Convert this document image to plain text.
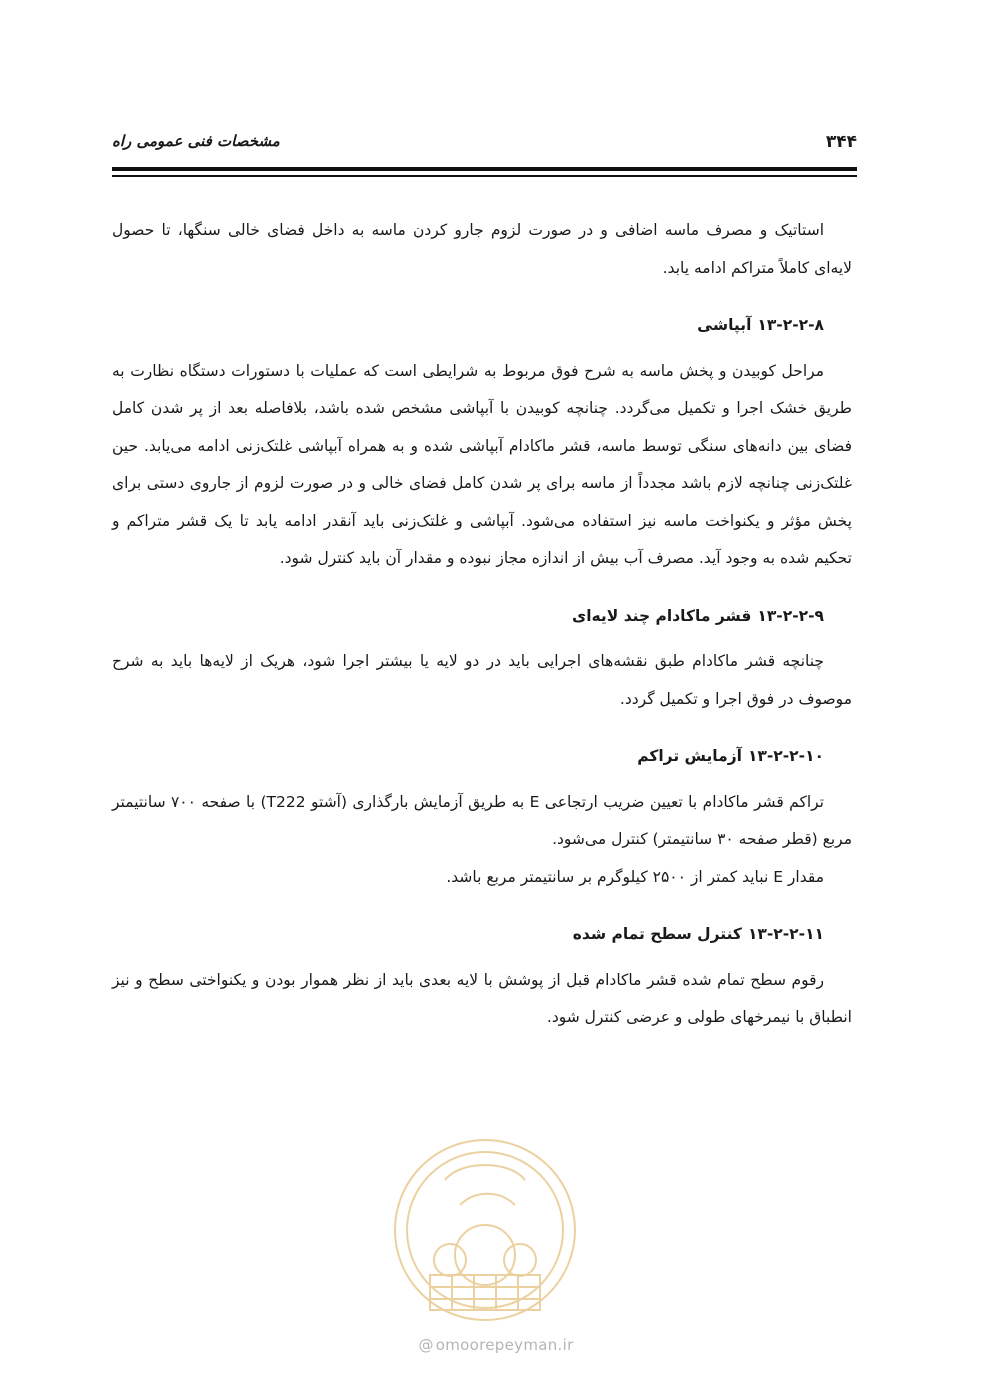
۳۴۴
مشخصات فنی عمومی راه

استاتیک و مصرف ماسه اضافی و در صورت لزوم جارو کردن ماسه به داخل فضای خالی سنگها، تا حصول لایه‌ای کاملاً متراکم ادامه یابد.

۱۳-۲-۲-۸آبپاشی

مراحل کوبیدن و پخش ماسه به شرح فوق مربوط به شرایطی است که عملیات با دستورات دستگاه نظارت به طریق خشک اجرا و تکمیل می‌گردد. چنانچه کوبیدن با آبپاشی مشخص شده باشد، بلافاصله بعد از پر شدن کامل فضای بین دانه‌های سنگی توسط ماسه، قشر ماکادام آبپاشی شده و به همراه آبپاشی غلتک‌زنی ادامه می‌یابد. حین غلتک‌زنی چنانچه لازم باشد مجدداً از ماسه برای پر شدن کامل فضای خالی و در صورت لزوم از جاروی دستی برای پخش مؤثر و یکنواخت ماسه نیز استفاده می‌شود. آبپاشی و غلتک‌زنی باید آنقدر ادامه یابد تا یک قشر متراکم و تحکیم شده به وجود آید. مصرف آب بیش از اندازه مجاز نبوده و مقدار آن باید کنترل شود.

۱۳-۲-۲-۹قشر ماکادام چند لایه‌ای

چنانچه قشر ماکادام طبق نقشه‌های اجرایی باید در دو لایه یا بیشتر اجرا شود، هریک از لایه‌ها باید به شرح موصوف در فوق اجرا و تکمیل گردد.

۱۳-۲-۲-۱۰آزمایش تراکم

تراکم قشر ماکادام با تعیین ضریب ارتجاعی E به طریق آزمایش بارگذاری (آشتو T222) با صفحه ۷۰۰ سانتیمتر مربع (قطر صفحه ۳۰ سانتیمتر) کنترل می‌شود.

مقدار E نباید کمتر از ۲۵۰۰ کیلوگرم بر سانتیمتر مربع باشد.

۱۳-۲-۲-۱۱کنترل سطح تمام شده

رقوم سطح تمام شده قشر ماکادام قبل از پوشش با لایه بعدی باید از نظر هموار بودن و یکنواختی سطح و نیز انطباق با نیمرخهای طولی و عرضی کنترل شود.

@ omoorepeyman.ir
